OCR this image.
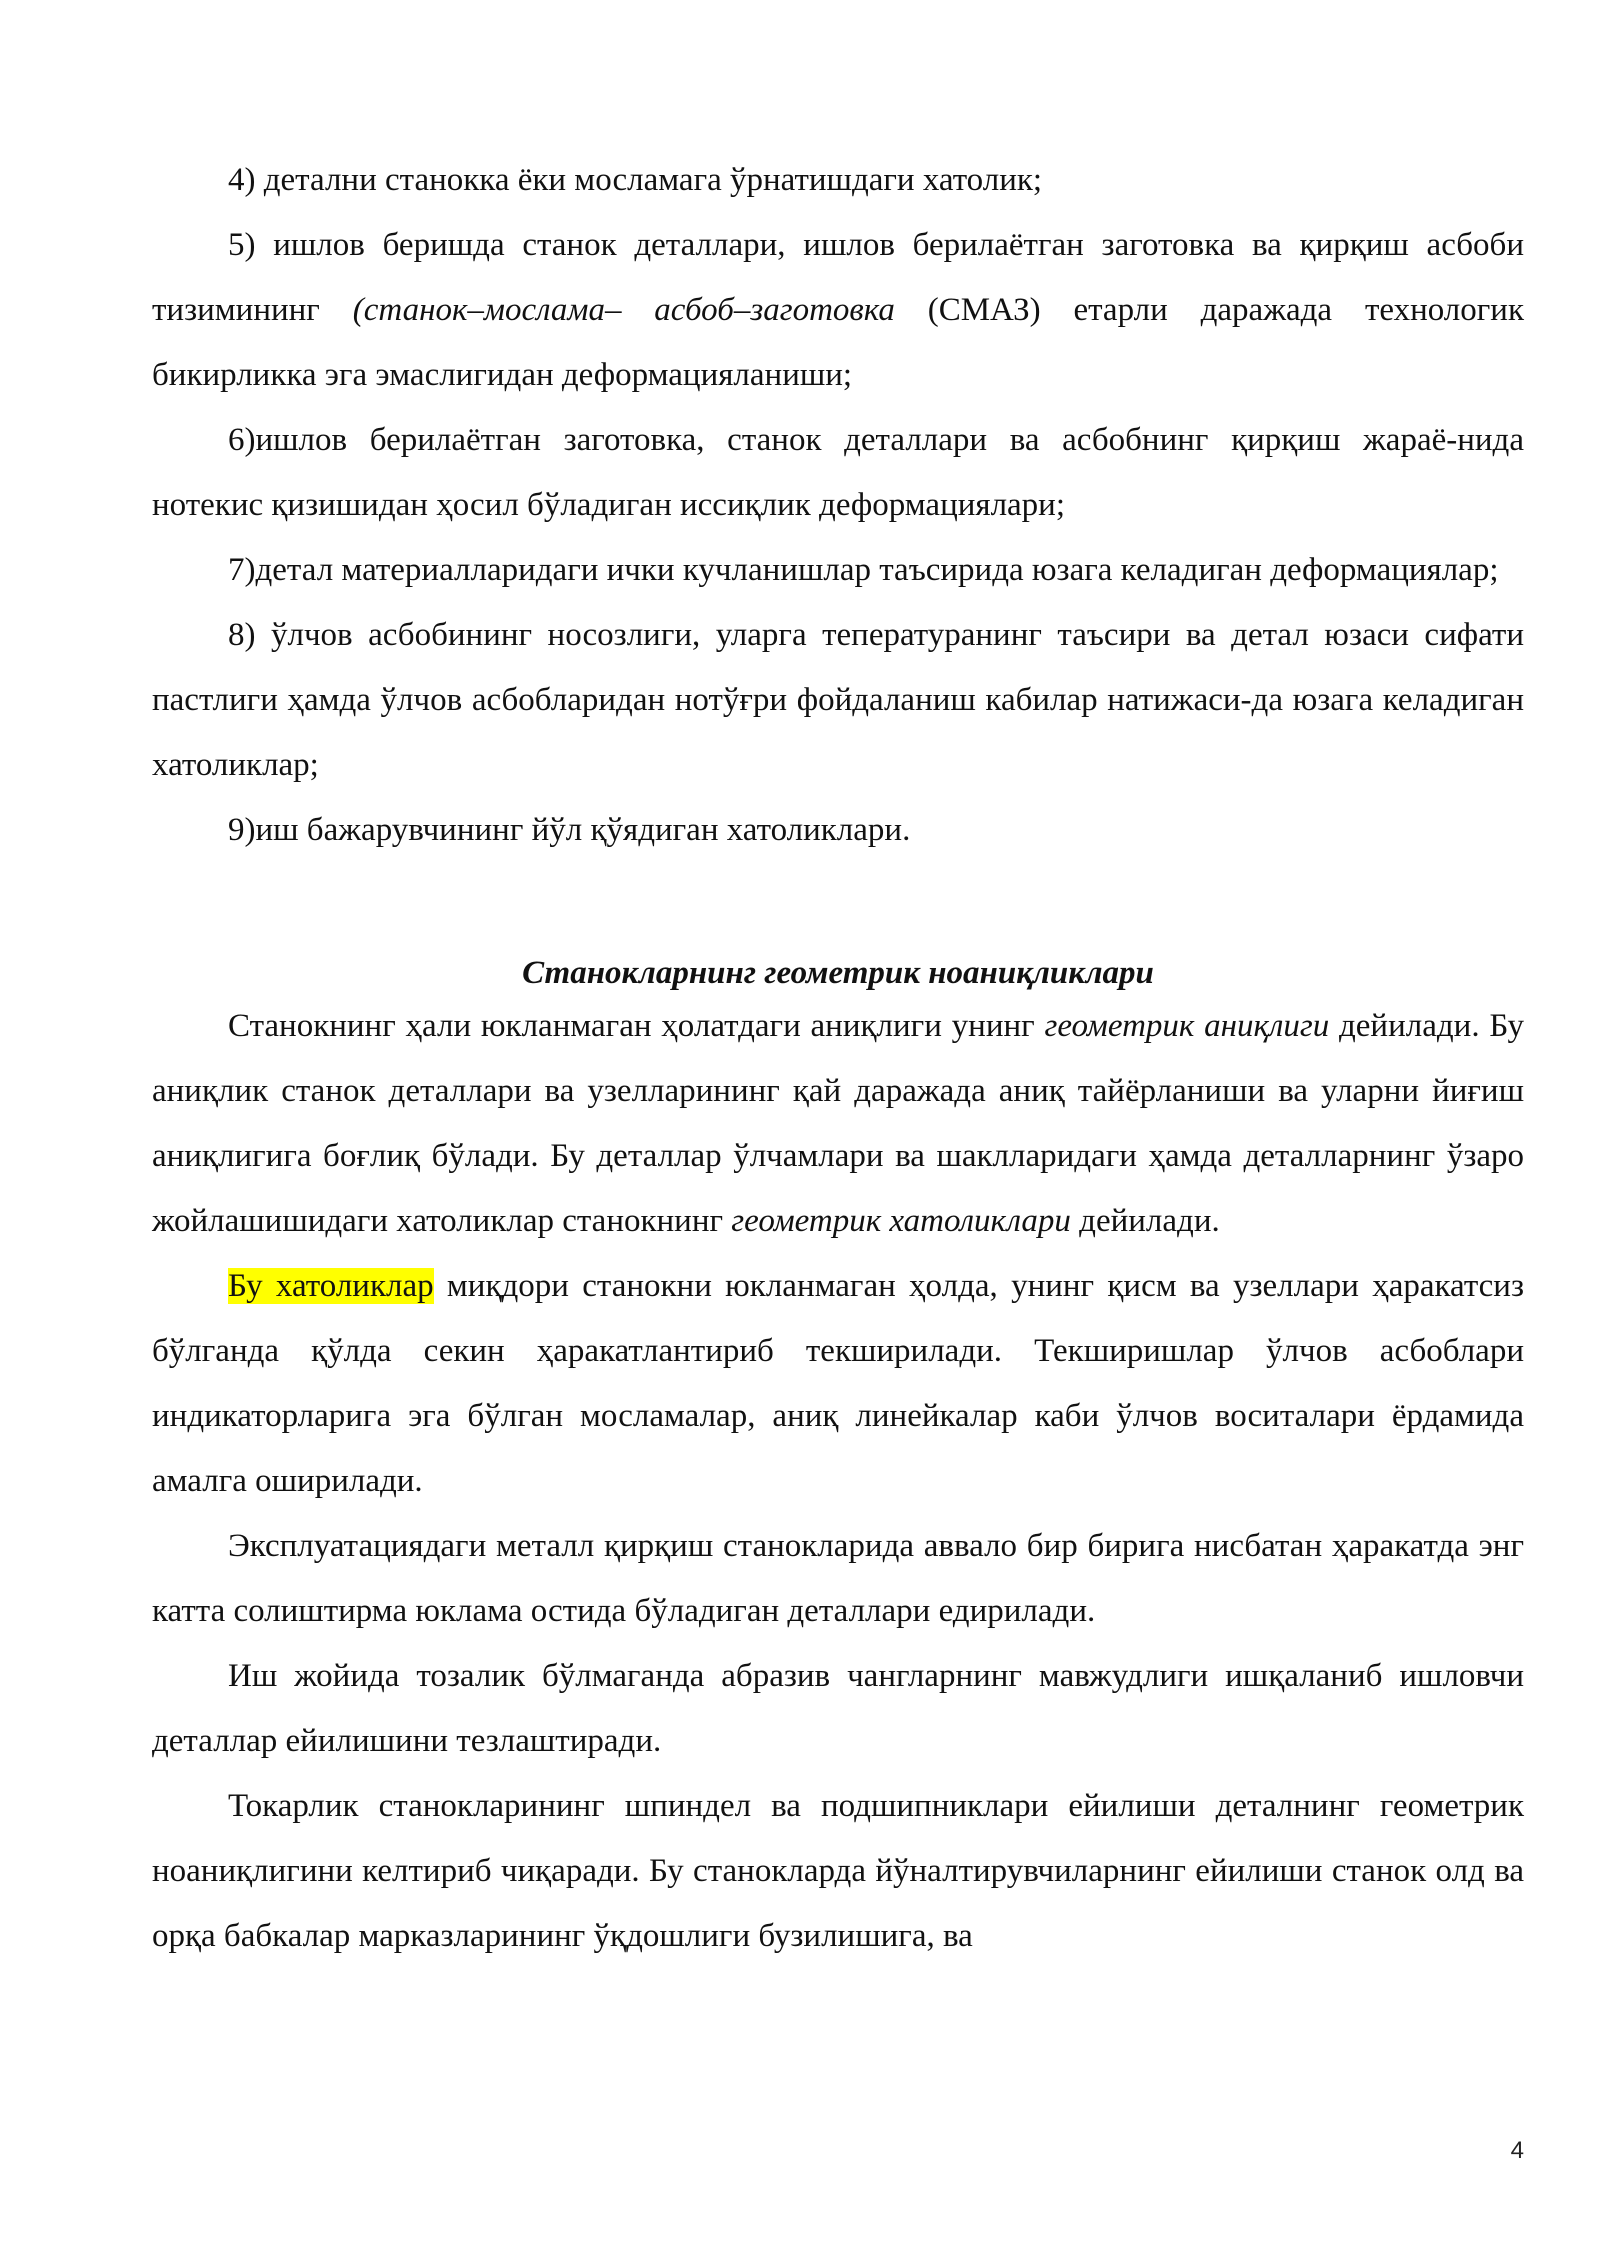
4) детални станокка ёки мосламага ўрнатишдаги хатолик;

5) ишлов беришда станок деталлари, ишлов берилаётган заготовка ва қирқиш асбоби тизимининг (станок–мослама– асбоб–заготовка (СМАЗ) етарли даражада технологик бикирликка эга эмаслигидан деформацияланиши;

6)ишлов берилаётган заготовка, станок деталлари ва асбобнинг қирқиш жараё-нида нотекис қизишидан ҳосил бўладиган иссиқлик деформациялари;

7)детал материалларидаги ички кучланишлар таъсирида юзага келадиган деформациялар;

8) ўлчов асбобининг носозлиги, уларга тепературанинг таъсири ва детал юзаси сифати пастлиги ҳамда ўлчов асбобларидан нотўғри фойдаланиш кабилар натижаси-да юзага келадиган хатоликлар;

9)иш бажарувчининг йўл қўядиган хатоликлари.

Станокларнинг геометрик ноаниқликлари

Станокнинг ҳали юкланмаган ҳолатдаги аниқлиги унинг геометрик аниқлиги дейилади. Бу аниқлик станок деталлари ва узелларининг қай даражада аниқ тайёрланиши ва уларни йиғиш аниқлигига боғлиқ бўлади. Бу деталлар ўлчамлари ва шаклларидаги ҳамда деталларнинг ўзаро жойлашишидаги хатоликлар станокнинг геометрик хатоликлари дейилади.

Бу хатоликлар миқдори станокни юкланмаган ҳолда, унинг қисм ва узеллари ҳаракатсиз бўлганда қўлда секин ҳаракатлантириб текширилади. Текширишлар ўлчов асбоблари индикаторларига эга бўлган мосламалар, аниқ линейкалар каби ўлчов воситалари ёрдамида амалга оширилади.

Эксплуатациядаги металл қирқиш станокларида аввало бир бирига нисбатан ҳаракатда энг катта солиштирма юклама остида бўладиган деталлари едирилади.

Иш жойида тозалик бўлмаганда абразив чангларнинг мавжудлиги ишқаланиб ишловчи деталлар ейилишини тезлаштиради.

Токарлик станокларининг шпиндел ва подшипниклари ейилиши деталнинг геометрик ноаниқлигини келтириб чиқаради. Бу станокларда йўналтирувчиларнинг ейилиши станок олд ва орқа бабкалар марказларининг ўқдошлиги бузилишига, ва

4
